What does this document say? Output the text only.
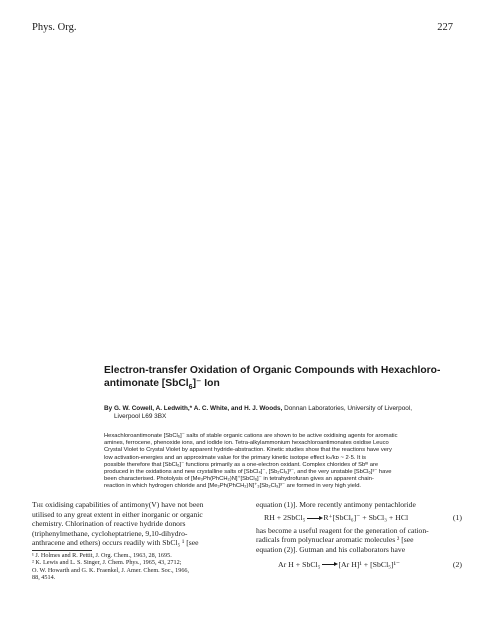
Phys. Org.	227
Electron-transfer Oxidation of Organic Compounds with Hexachloro-
antimonate [SbCl$_6$]⁻ Ion
By G. W. Cowell, A. Ledwith,* A. C. White, and H. J. Woods, Donnan Laboratories, University of Liverpool,
Liverpool L69 3BX
Hexachloroantimonate [SbCl₆]⁻ salts of stable organic cations are shown to be active oxidising agents for aromatic
amines, ferrocene, phenoxide ions, and iodide ion. Tetra-alkylammonium hexachloroantimonates oxidise Leuco
Crystal Violet to Crystal Violet by apparent hydride-abstraction. Kinetic studies show that the reactions have very
low activation-energies and an approximate value for the primary kinetic isotope effect kₕ/kᴅ ~ 2·5. It is
possible therefore that [SbCl₆]⁻ functions primarily as a one-electron oxidant. Complex chlorides of Sbᴵᴵᴵ are
produced in the oxidations and new crystalline salts of [SbCl₄]⁻, [Sb₂Cl₉]³⁻, and the very unstable [SbCl₆]³⁻ have
been characterised. Photolysis of [Me₃Ph(PhCH₂)N]⁺[SbCl₆]⁻ in tetrahydrofuran gives an apparent chain-
reaction in which hydrogen chloride and [Me₃Ph(PhCH₂)N]⁺₃[Sb₂Cl₉]³⁻ are formed in very high yield.

The oxidising capabilities of antimony(V) have not been

utilised to any great extent in either inorganic or organic

chemistry. Chlorination of reactive hydride donors

(triphenylmethane, cycloheptatriene, 9,10-dihydro-

anthracene and ethers) occurs readily with SbCl₅ ¹ [see

¹ J. Holmes and R. Pettit, J. Org. Chem., 1963, 28, 1695.

² K. Lewis and L. S. Singer, J. Chem. Phys., 1965, 43, 2712;

O. W. Howarth and G. K. Fraenkel, J. Amer. Chem. Soc., 1966,

88, 4514.

equation (1)]. More recently antimony pentachloride

RH + 2SbCl₅ → R⁺[SbCl₆]⁻ + SbCl₃ + HCl	(1)

has become a useful reagent for the generation of cation-

radicals from polynuclear aromatic molecules ² [see

equation (2)]. Gutman and his collaborators have

Ar H + SbCl₅ → [Ar H]¹ + [SbCl₅]¹⁻	(2)
